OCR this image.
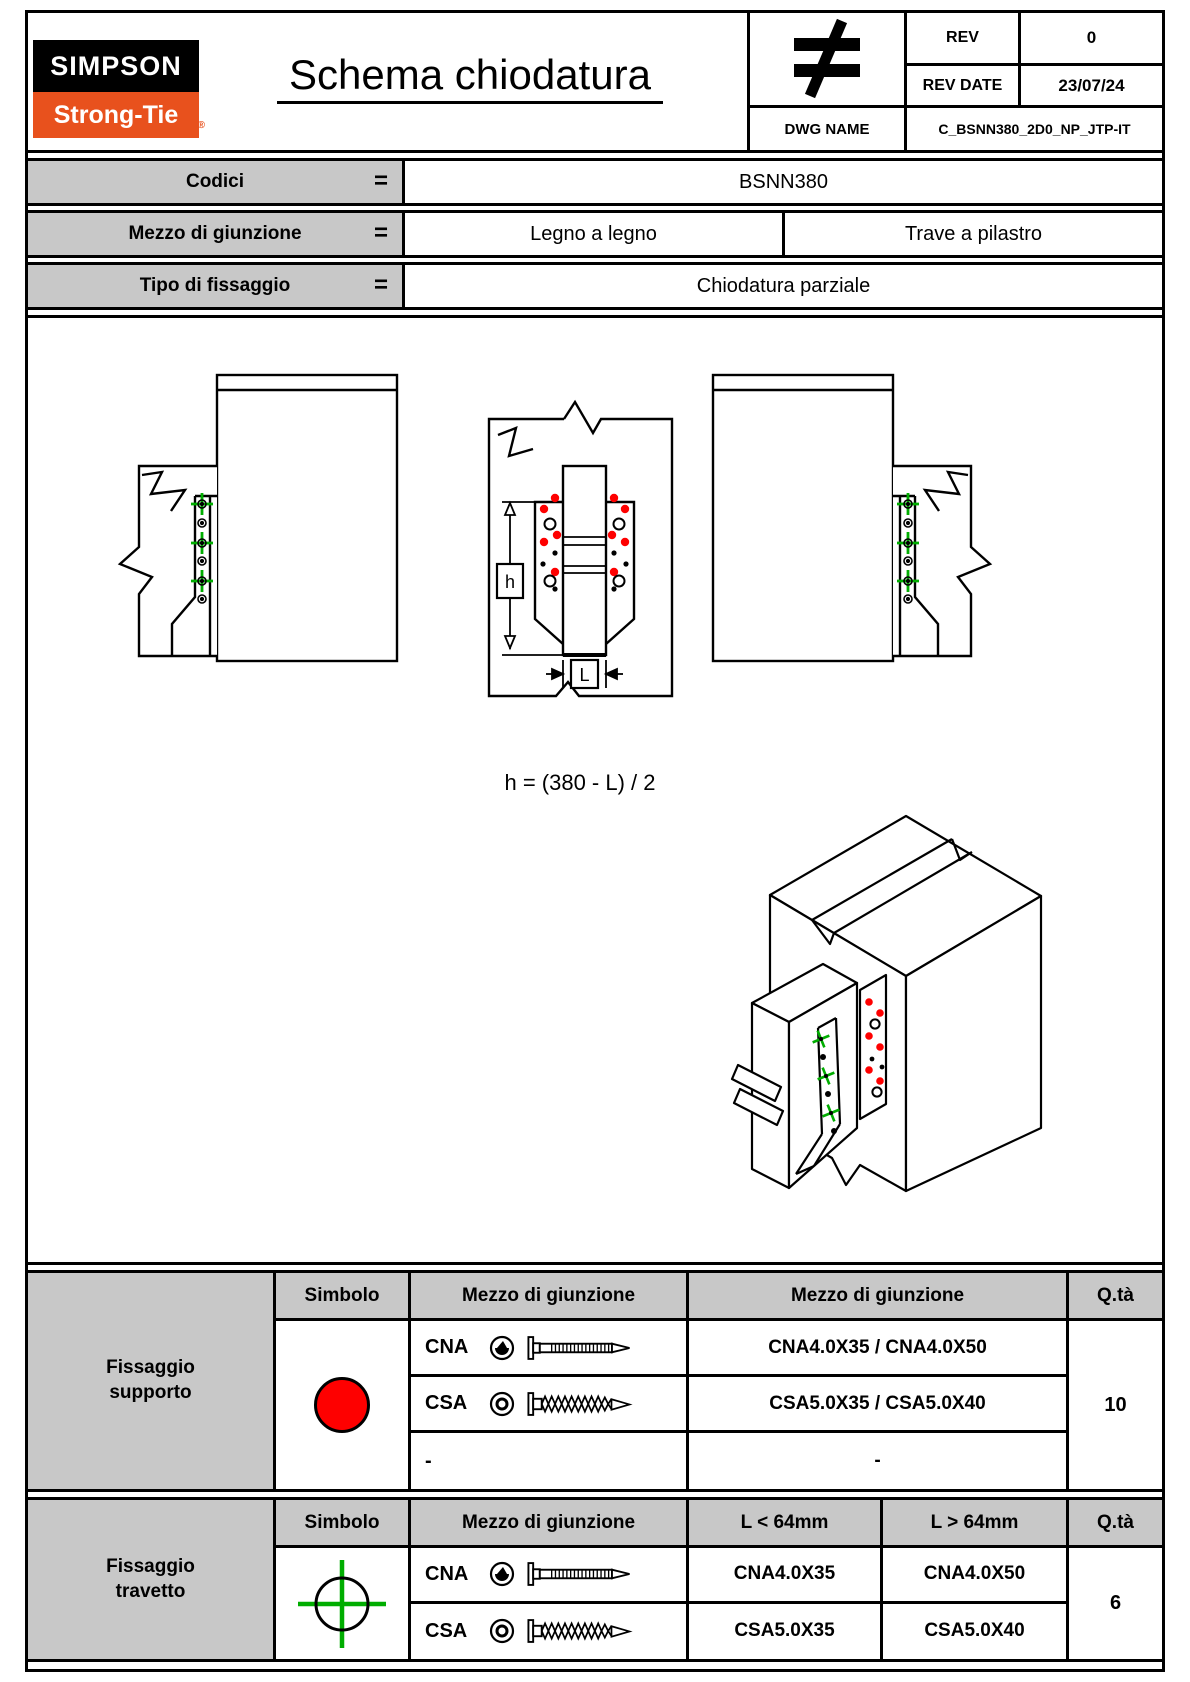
SIMPSON
Strong-Tie ®
Schema chiodatura
REV	0
REV DATE	23/07/24
DWG NAME	C_BSNN380_2D0_NP_JTP-IT
Codici	=	BSNN380
Mezzo di giunzione	=	Legno a legno	Trave a pilastro
Tipo di fissaggio	=	Chiodatura parziale
h
L
h = (380 - L) / 2
Fissaggio supporto
Simbolo	Mezzo di giunzione	Mezzo di giunzione	Q.tà
CNA	CNA4.0X35 / CNA4.0X50
10
CSA	CSA5.0X35 / CSA5.0X40
-	-
Fissaggio travetto
Simbolo	Mezzo di giunzione	L < 64mm	L > 64mm	Q.tà
CNA	CNA4.0X35	CNA4.0X50
6
CSA	CSA5.0X35	CSA5.0X40
